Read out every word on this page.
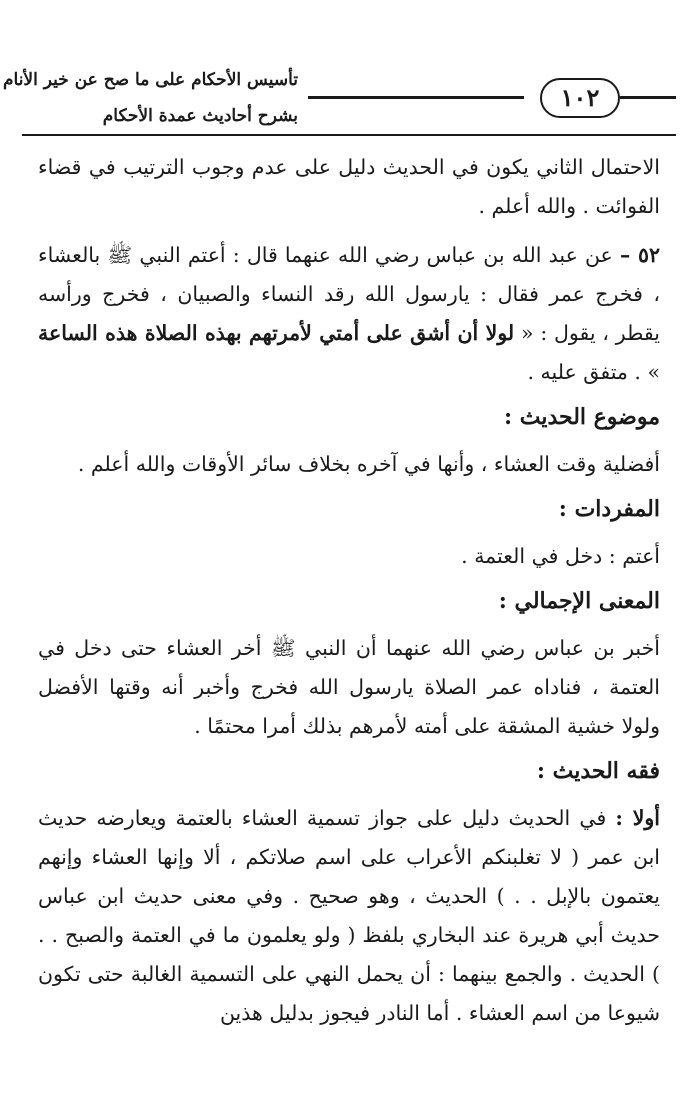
تأسيس الأحكام على ما صح عن خير الأنام
بشرح أحاديث عمدة الأحكام
١٠٢

الاحتمال الثاني يكون في الحديث دليل على عدم وجوب الترتيب في قضاء الفوائت . والله أعلم .

٥٢ – عن عبد الله بن عباس رضي الله عنهما قال : أعتم النبي ﷺ بالعشاء ، فخرج عمر فقال : يارسول الله رقد النساء والصبيان ، فخرج ورأسه يقطر ، يقول : « لولا أن أشق على أمتي لأمرتهم بهذه الصلاة هذه الساعة » . متفق عليه .

موضوع الحديث :

أفضلية وقت العشاء ، وأنها في آخره بخلاف سائر الأوقات والله أعلم .

المفردات :

أعتم : دخل في العتمة .

المعنى الإجمالي :

أخبر بن عباس رضي الله عنهما أن النبي ﷺ أخر العشاء حتى دخل في العتمة ، فناداه عمر الصلاة يارسول الله فخرج وأخبر أنه وقتها الأفضل ولولا خشية المشقة على أمته لأمرهم بذلك أمرا محتمًا .

فقه الحديث :

أولا : في الحديث دليل على جواز تسمية العشاء بالعتمة ويعارضه حديث ابن عمر ( لا تغلبنكم الأعراب على اسم صلاتكم ، ألا وإنها العشاء وإنهم يعتمون بالإبل . . ) الحديث ، وهو صحيح . وفي معنى حديث ابن عباس حديث أبي هريرة عند البخاري بلفظ ( ولو يعلمون ما في العتمة والصبح . . ) الحديث . والجمع بينهما : أن يحمل النهي على التسمية الغالبة حتى تكون شيوعا من اسم العشاء . أما النادر فيجوز بدليل هذين
